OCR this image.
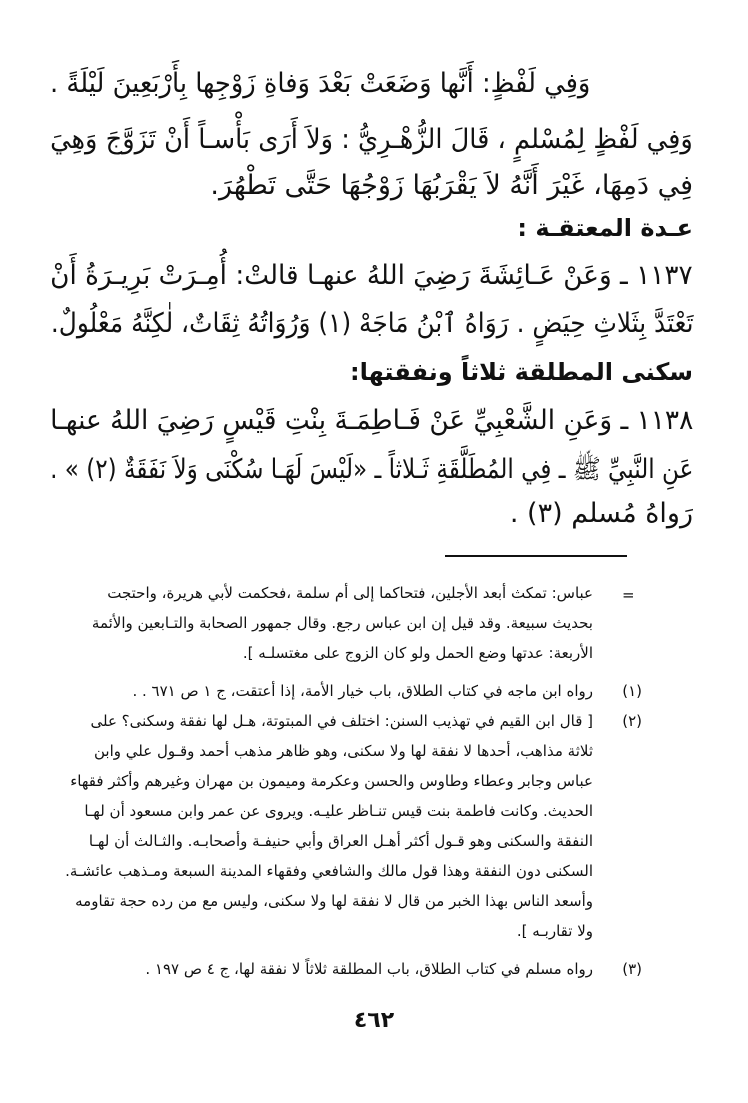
وَفِي لَفْظٍ: أَنَّها وَضَعَتْ بَعْدَ وَفاةِ زَوْجِها بِأَرْبَعِينَ لَيْلَةً .
وَفِي لَفْظٍ لِمُسْلمٍ ، قَالَ الزُّهْـرِيُّ : وَلاَ أَرَى بَأْسـاً أَنْ تَزَوَّجَ وَهِيَ
فِي دَمِهَا، غَيْرَ أَنَّهُ لاَ يَقْرَبُهَا زَوْجُهَا حَتَّى تَطْهُرَ.
عـدة المعتقـة :
١١٣٧ ـ وَعَنْ عَـائِشَةَ رَضِيَ اللهُ عنهـا قالتْ: أُمِـرَتْ بَرِيـرَةُ أَنْ
تَعْتَدَّ بِثَلاثِ حِيَضٍ . رَوَاهُ ٱبْنُ مَاجَهْ (١) وَرُوَاتُهُ ثِقَاتٌ، لٰكِنَّهُ مَعْلُولٌ.
سكنى المطلقة ثلاثاً ونفقتها:
١١٣٨ ـ وَعَنِ الشَّعْبِيِّ عَنْ فَـاطِمَـةَ بِنْتِ قَيْسٍ رَضِيَ اللهُ عنهـا
عَنِ النَّبِيِّ ﷺ ـ فِي المُطَلَّقَةِ ثَـلاثاً ـ «لَيْسَ لَهَـا سُكْنَى وَلاَ نَفَقَةٌ (٢) » .
رَواهُ مُسلم (٣) .
=
عباس: تمكث أبعد الأجلين، فتحاكما إلى أم سلمة ،فحكمت لأبي هريرة، واحتجت
بحديث سبيعة. وقد قيل إن ابن عباس رجع. وقال جمهور الصحابة والتـابعين والأئمة
الأربعة: عدتها وضع الحمل ولو كان الزوج على مغتسلـه ].
(١)
رواه ابن ماجه في كتاب الطلاق، باب خيار الأمة، إذا أعتقت، ج ١ ص ٦٧١ . .
(٢)
[ قال ابن القيم في تهذيب السنن: اختلف في المبتوتة، هـل لها نفقة وسكنى؟ على
ثلاثة مذاهب، أحدها لا نفقة لها ولا سكنى، وهو ظاهر مذهب أحمد وقـول علي وابن
عباس وجابر وعطاء وطاوس والحسن وعكرمة وميمون بن مهران وغيرهم وأكثر فقهاء
الحديث. وكانت فاطمة بنت قيس تنـاظر عليـه. ويروى عن عمر وابن مسعود أن لهـا
النفقة والسكنى وهو قـول أكثر أهـل العراق وأبي حنيفـة وأصحابـه. والثـالث أن لهـا
السكنى دون النفقة وهذا قول مالك والشافعي وفقهاء المدينة السبعة ومـذهب عائشـة.
وأسعد الناس بهذا الخبر من قال لا نفقة لها ولا سكنى، وليس مع من رده حجة تقاومه
ولا تقاربـه ].
(٣)
رواه مسلم في كتاب الطلاق، باب المطلقة ثلاثاً لا نفقة لها، ج ٤ ص ١٩٧ .
٤٦٢
